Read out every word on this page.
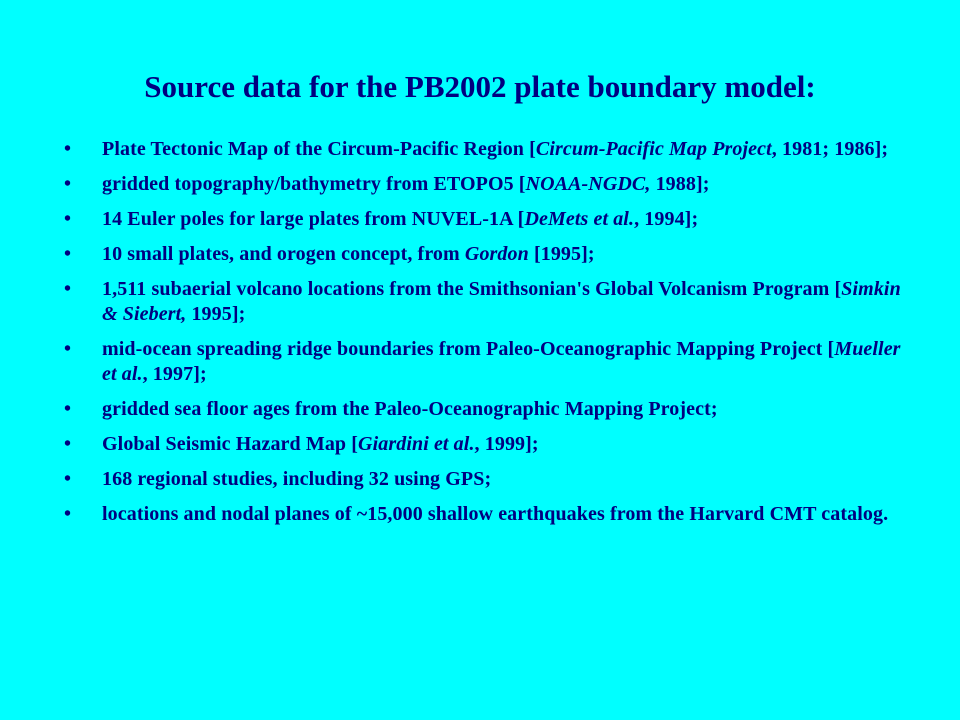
Source data for the PB2002 plate boundary model:
•	Plate Tectonic Map of the Circum-Pacific Region [Circum-Pacific Map Project, 1981; 1986];
•	gridded topography/bathymetry from ETOPO5 [NOAA-NGDC, 1988];
•	14 Euler poles for large plates from NUVEL-1A [DeMets et al., 1994];
•	10 small plates, and orogen concept, from Gordon [1995];
•	1,511 subaerial volcano locations from the Smithsonian's Global Volcanism Program [Simkin & Siebert, 1995];
•	mid-ocean spreading ridge boundaries from Paleo-Oceanographic Mapping Project [Mueller et al., 1997];
•	gridded sea floor ages from the Paleo-Oceanographic Mapping Project;
•	Global Seismic Hazard Map [Giardini et al., 1999];
•	168 regional studies, including 32 using GPS;
•	locations and nodal planes of ~15,000 shallow earthquakes from the Harvard CMT catalog.
